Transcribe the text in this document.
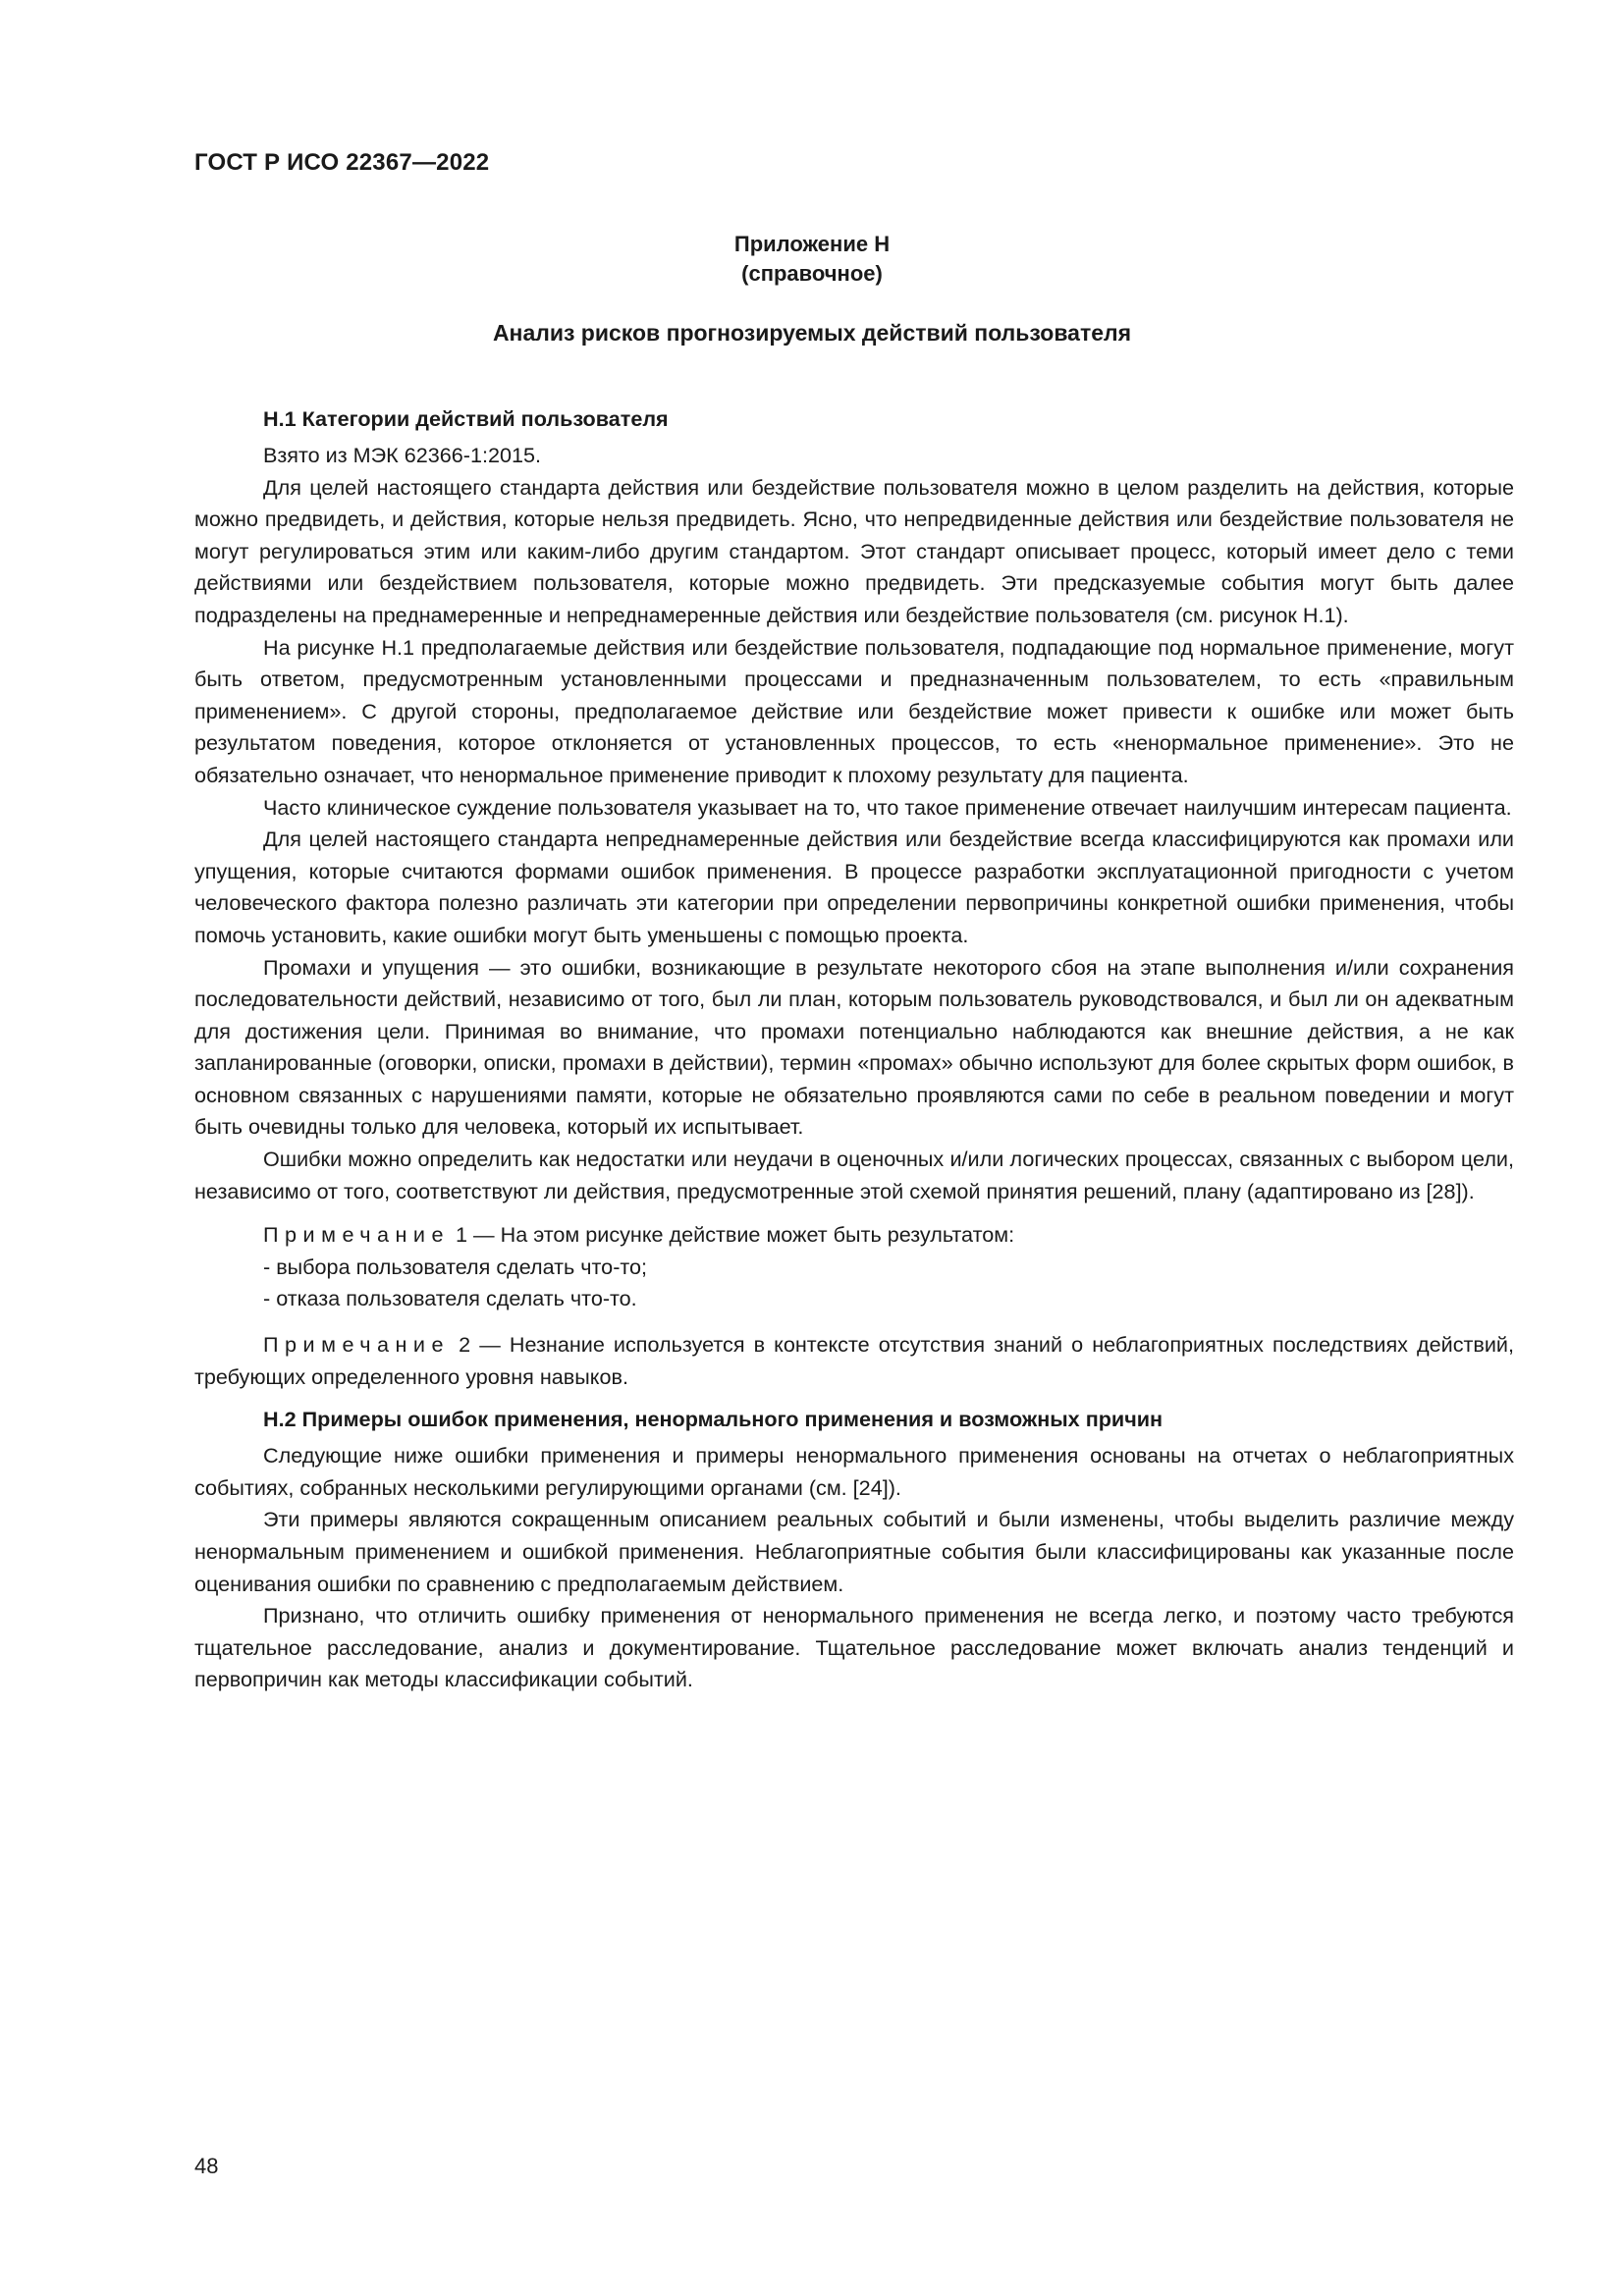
ГОСТ Р ИСО 22367—2022
Приложение Н
(справочное)
Анализ рисков прогнозируемых действий пользователя
Н.1 Категории действий пользователя

Взято из МЭК 62366-1:2015.

Для целей настоящего стандарта действия или бездействие пользователя можно в целом разделить на действия, которые можно предвидеть, и действия, которые нельзя предвидеть. Ясно, что непредвиденные действия или бездействие пользователя не могут регулироваться этим или каким-либо другим стандартом. Этот стандарт описывает процесс, который имеет дело с теми действиями или бездействием пользователя, которые можно предвидеть. Эти предсказуемые события могут быть далее подразделены на преднамеренные и непреднамеренные действия или бездействие пользователя (см. рисунок Н.1).

На рисунке Н.1 предполагаемые действия или бездействие пользователя, подпадающие под нормальное применение, могут быть ответом, предусмотренным установленными процессами и предназначенным пользователем, то есть «правильным применением». С другой стороны, предполагаемое действие или бездействие может привести к ошибке или может быть результатом поведения, которое отклоняется от установленных процессов, то есть «ненормальное применение». Это не обязательно означает, что ненормальное применение приводит к плохому результату для пациента.

Часто клиническое суждение пользователя указывает на то, что такое применение отвечает наилучшим интересам пациента.

Для целей настоящего стандарта непреднамеренные действия или бездействие всегда классифицируются как промахи или упущения, которые считаются формами ошибок применения. В процессе разработки эксплуатационной пригодности с учетом человеческого фактора полезно различать эти категории при определении первопричины конкретной ошибки применения, чтобы помочь установить, какие ошибки могут быть уменьшены с помощью проекта.

Промахи и упущения — это ошибки, возникающие в результате некоторого сбоя на этапе выполнения и/или сохранения последовательности действий, независимо от того, был ли план, которым пользователь руководствовался, и был ли он адекватным для достижения цели. Принимая во внимание, что промахи потенциально наблюдаются как внешние действия, а не как запланированные (оговорки, описки, промахи в действии), термин «промах» обычно используют для более скрытых форм ошибок, в основном связанных с нарушениями памяти, которые не обязательно проявляются сами по себе в реальном поведении и могут быть очевидны только для человека, который их испытывает.

Ошибки можно определить как недостатки или неудачи в оценочных и/или логических процессах, связанных с выбором цели, независимо от того, соответствуют ли действия, предусмотренные этой схемой принятия решений, плану (адаптировано из [28]).

Примечание 1 — На этом рисунке действие может быть результатом:

- выбора пользователя сделать что-то;
- отказа пользователя сделать что-то.

Примечание 2 — Незнание используется в контексте отсутствия знаний о неблагоприятных последствиях действий, требующих определенного уровня навыков.

Н.2 Примеры ошибок применения, ненормального применения и возможных причин

Следующие ниже ошибки применения и примеры ненормального применения основаны на отчетах о неблагоприятных событиях, собранных несколькими регулирующими органами (см. [24]).

Эти примеры являются сокращенным описанием реальных событий и были изменены, чтобы выделить различие между ненормальным применением и ошибкой применения. Неблагоприятные события были классифицированы как указанные после оценивания ошибки по сравнению с предполагаемым действием.

Признано, что отличить ошибку применения от ненормального применения не всегда легко, и поэтому часто требуются тщательное расследование, анализ и документирование. Тщательное расследование может включать анализ тенденций и первопричин как методы классификации событий.

48
